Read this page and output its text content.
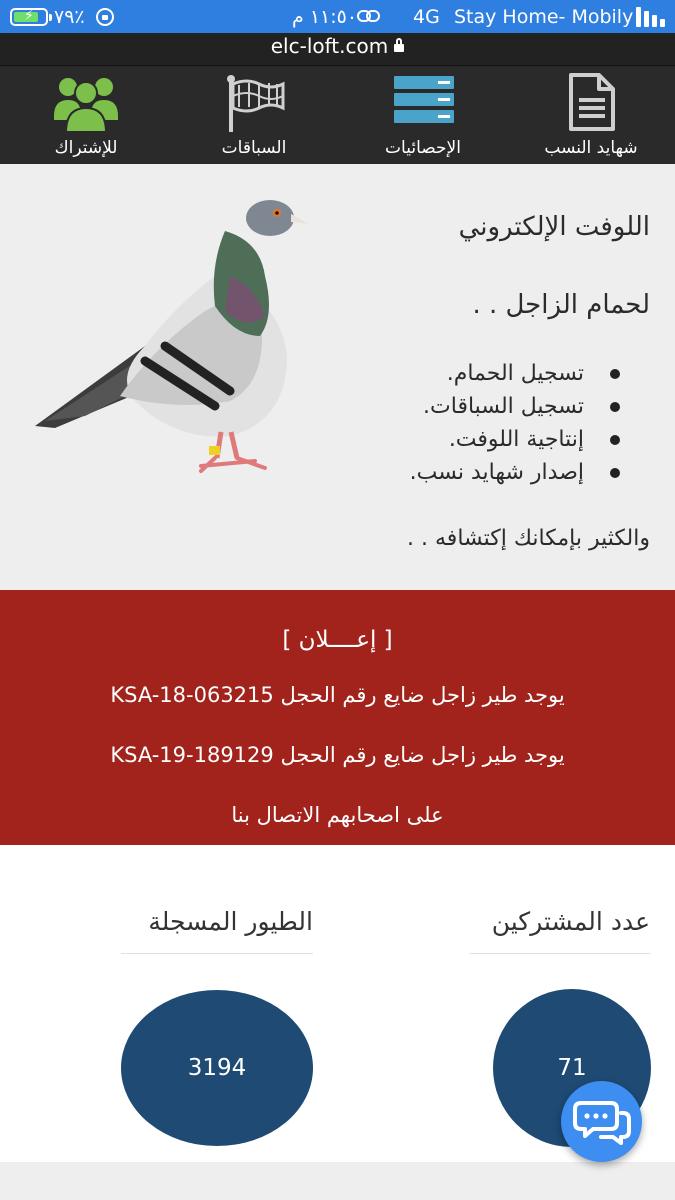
⚡ ٧٩٪	١١:٥٠ م	4G Stay Home- Mobily
elc-loft.com
شهايد النسب
الإحصائيات
السباقات
للإشتراك
اللوفت الإلكتروني
لحمام الزاجل . .
تسجيل الحمام.
تسجيل السباقات.
إنتاجية اللوفت.
إصدار شهايد نسب.
والكثير بإمكانك إكتشافه . .
[ إعــــلان ]
يوجد طير زاجل ضايع رقم الحجل KSA-18-063215
يوجد طير زاجل ضايع رقم الحجل KSA-19-189129
على اصحابهم الاتصال بنا
عدد المشتركين
71
الطيور المسجلة
3194
